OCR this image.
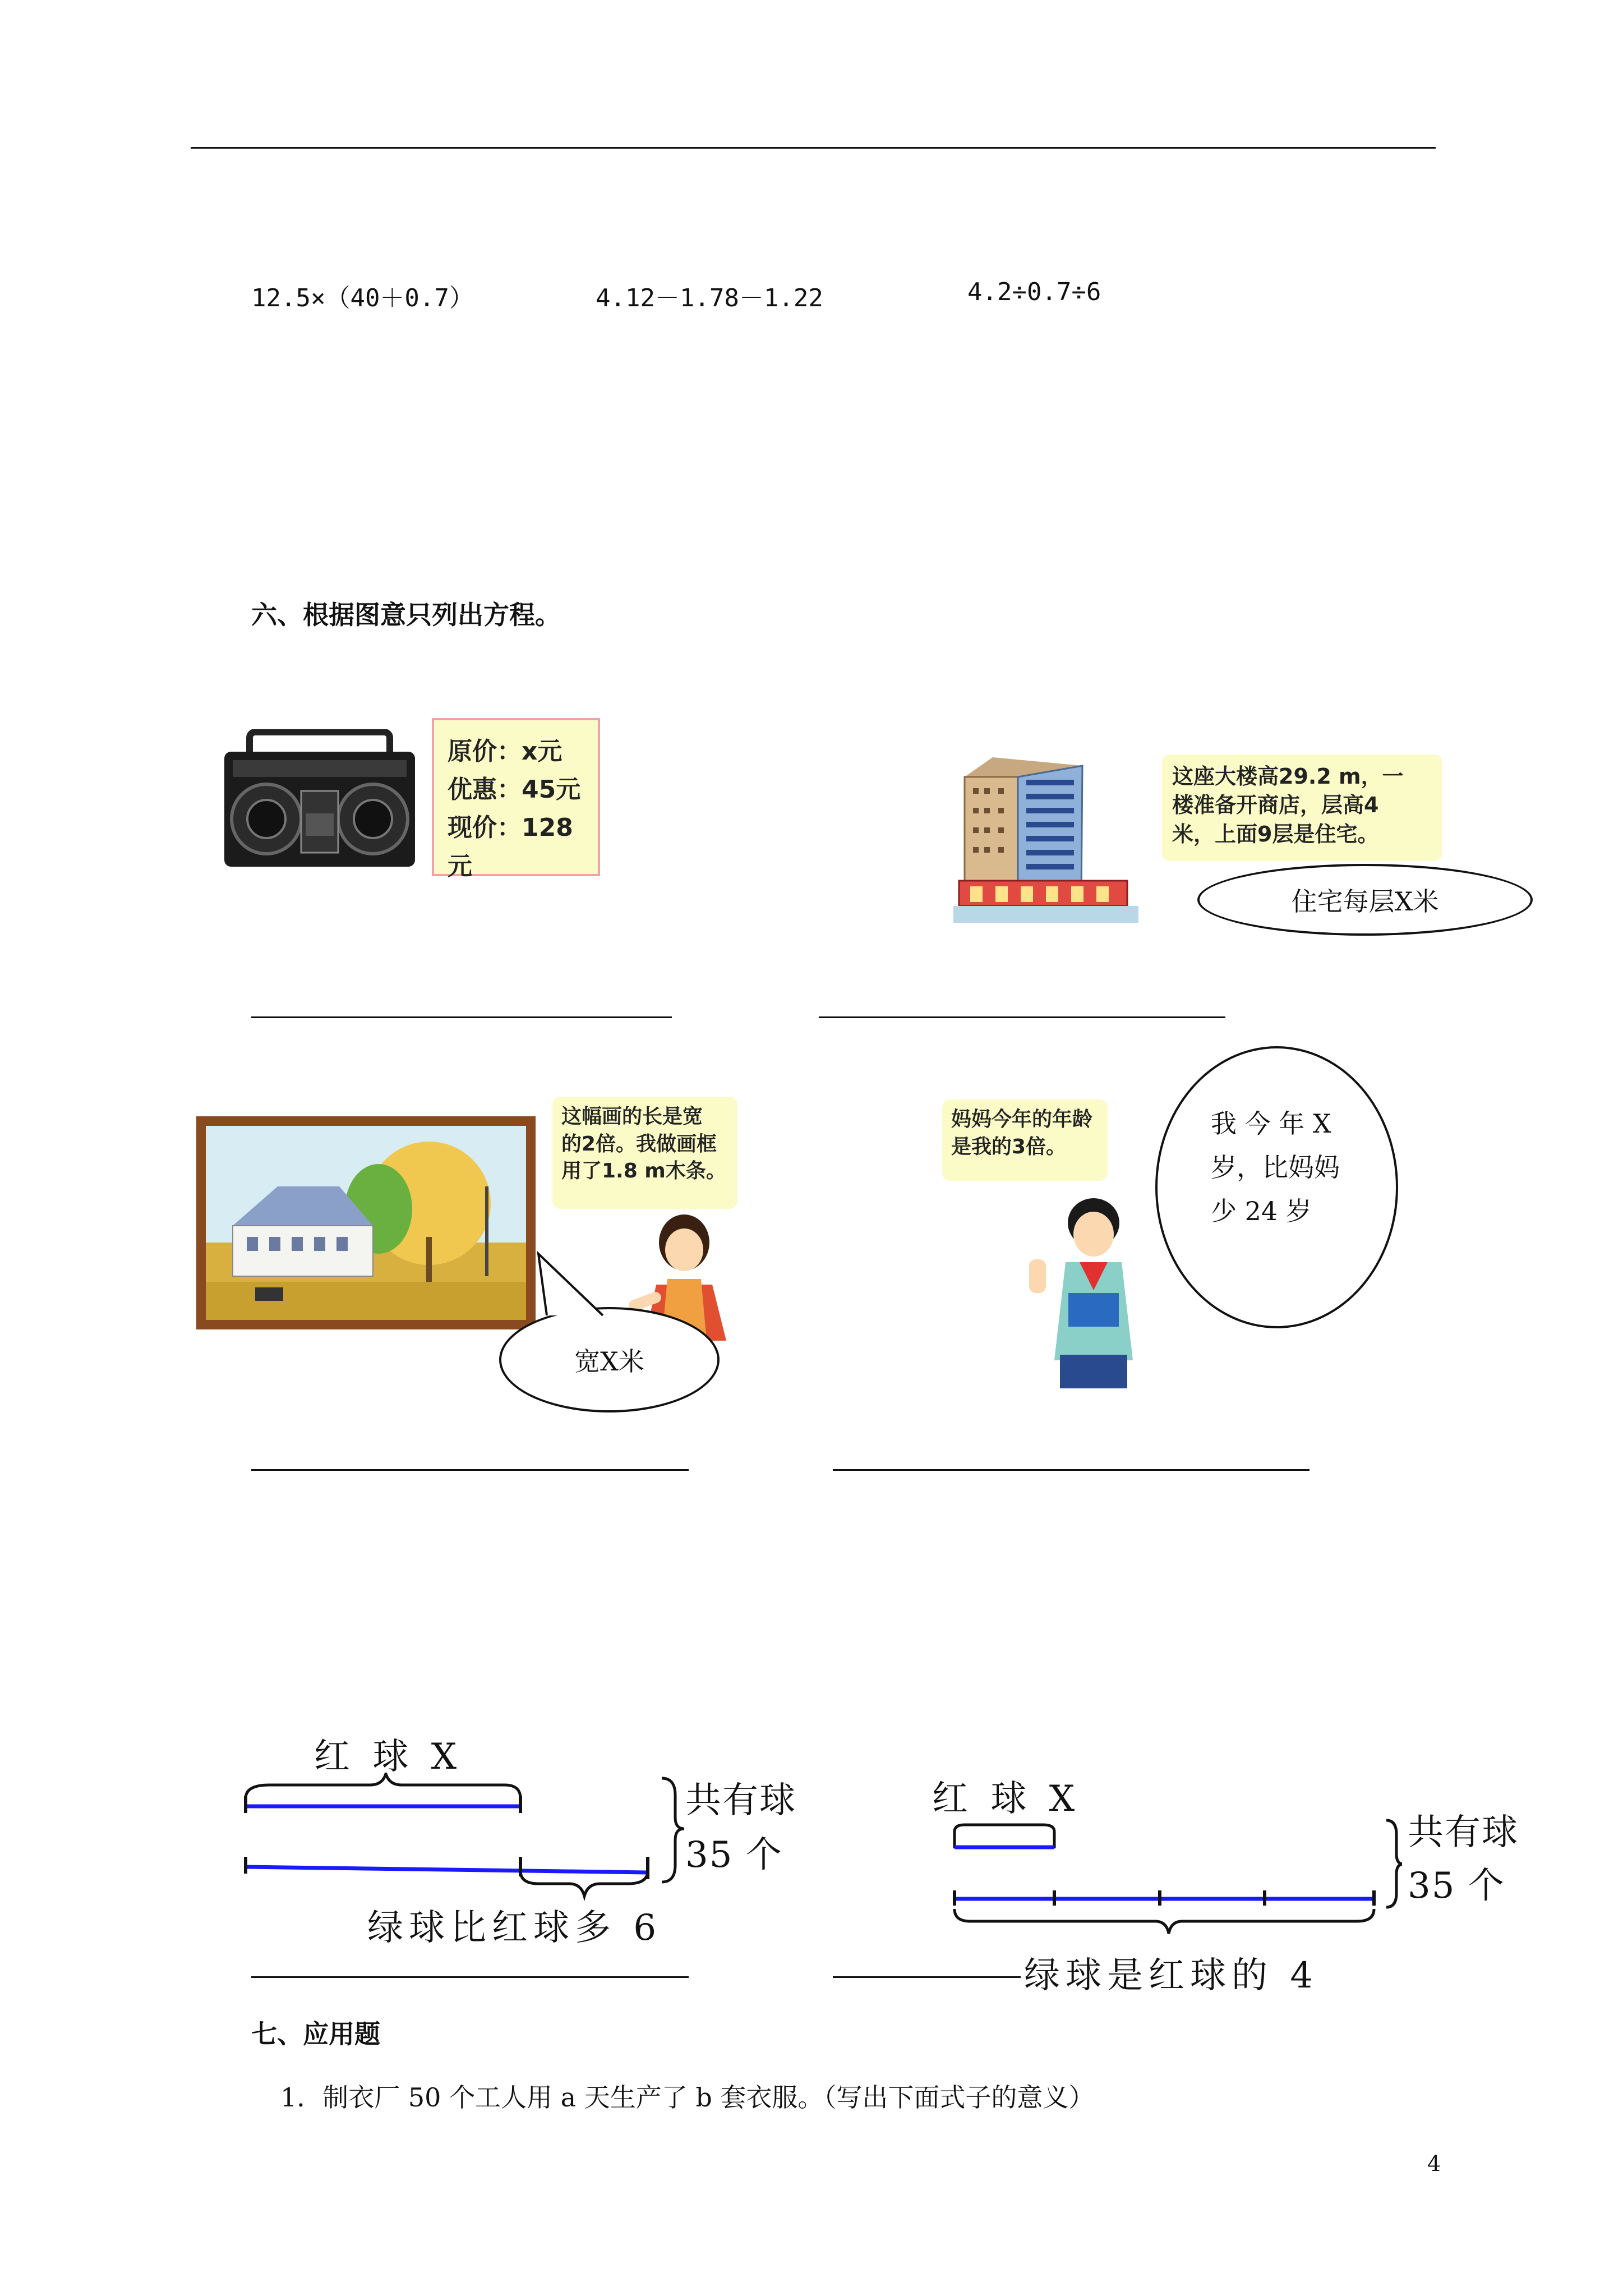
12.5×（40＋0.7）	4.12－1.78－1.22	4.2÷0.7÷6
六、根据图意只列出方程。
原价：x元
优惠：45元
现价：128元
这座大楼高29.2 m，一
楼准备开商店，层高4
米，上面9层是住宅。
住宅每层X米
这幅画的长是宽
的2倍。我做画框
用了1.8 m木条。
宽X米
妈妈今年的年龄
是我的3倍。
我 今 年 X
岁，比妈妈
少 24 岁
红 球 X
共有球
35 个
绿球比红球多 6
红 球 X
共有球
35 个
绿球是红球的 4
七、应用题
1．制衣厂 50 个工人用 a 天生产了 b 套衣服。（写出下面式子的意义）
4
